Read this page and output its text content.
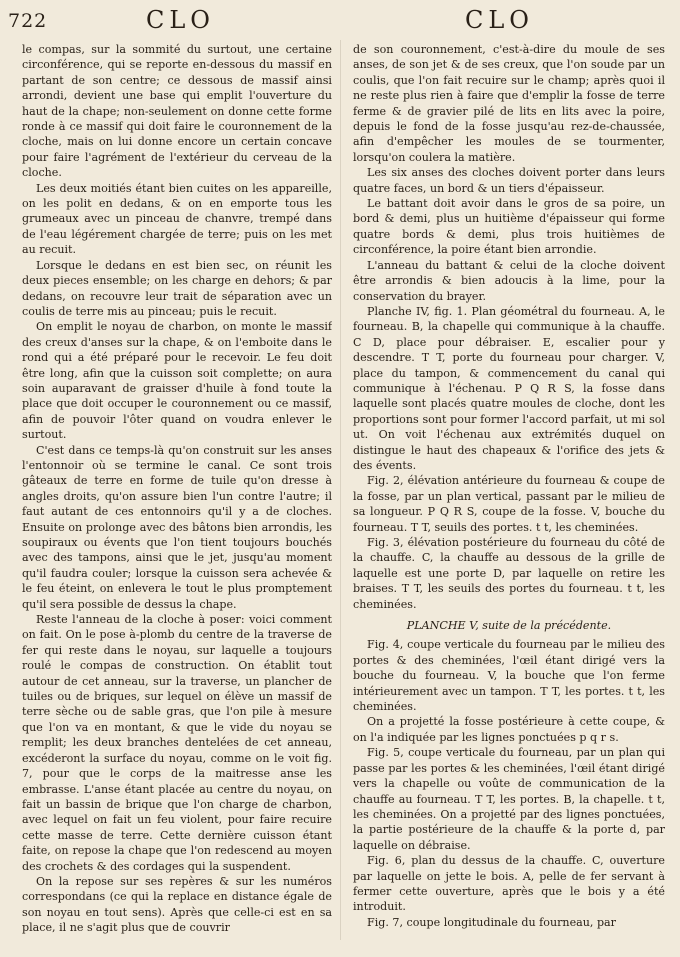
722	CLO	CLO

le compas, sur la sommité du surtout, une certaine circonférence, qui se reporte en-dessous du massif en partant de son centre; ce dessous de massif ainsi arrondi, devient une base qui emplit l'ouverture du haut de la chape; non-seulement on donne cette forme ronde à ce massif qui doit faire le couronnement de la cloche, mais on lui donne encore un certain concave pour faire l'agrément de l'extérieur du cerveau de la cloche.

Les deux moitiés étant bien cuites on les appareille, on les polit en dedans, & on en emporte tous les grumeaux avec un pinceau de chanvre, trempé dans de l'eau légérement chargée de terre; puis on les met au recuit.

Lorsque le dedans en est bien sec, on réunit les deux pieces ensemble; on les charge en dehors; & par dedans, on recouvre leur trait de séparation avec un coulis de terre mis au pinceau; puis le recuit.

On emplit le noyau de charbon, on monte le massif des creux d'anses sur la chape, & on l'emboite dans le rond qui a été préparé pour le recevoir. Le feu doit être long, afin que la cuisson soit complette; on aura soin auparavant de graisser d'huile à fond toute la place que doit occuper le couronnement ou ce massif, afin de pouvoir l'ôter quand on voudra enlever le surtout.

C'est dans ce temps-là qu'on construit sur les anses l'entonnoir où se termine le canal. Ce sont trois gâteaux de terre en forme de tuile qu'on dresse à angles droits, qu'on assure bien l'un contre l'autre; il faut autant de ces entonnoirs qu'il y a de cloches. Ensuite on prolonge avec des bâtons bien arrondis, les soupiraux ou évents que l'on tient toujours bouchés avec des tampons, ainsi que le jet, jusqu'au moment qu'il faudra couler; lorsque la cuisson sera achevée & le feu éteint, on enlevera le tout le plus promptement qu'il sera possible de dessus la chape.

Reste l'anneau de la cloche à poser: voici comment on fait. On le pose à-plomb du centre de la traverse de fer qui reste dans le noyau, sur laquelle a toujours roulé le compas de construction. On établit tout autour de cet anneau, sur la traverse, un plancher de tuiles ou de briques, sur lequel on élève un massif de terre sèche ou de sable gras, que l'on pile à mesure que l'on va en montant, & que le vide du noyau se remplit; les deux branches dentelées de cet anneau, excéderont la surface du noyau, comme on le voit fig. 7, pour que le corps de la maitresse anse les embrasse. L'anse étant placée au centre du noyau, on fait un bassin de brique que l'on charge de charbon, avec lequel on fait un feu violent, pour faire recuire cette masse de terre. Cette dernière cuisson étant faite, on repose la chape que l'on redescend au moyen des crochets & des cordages qui la suspendent.

On la repose sur ses repères & sur les numéros correspondans (ce qui la replace en distance égale de son noyau en tout sens). Après que celle-ci est en sa place, il ne s'agit plus que de couvrir

de son couronnement, c'est-à-dire du moule de ses anses, de son jet & de ses creux, que l'on soude par un coulis, que l'on fait recuire sur le champ; après quoi il ne reste plus rien à faire que d'emplir la fosse de terre ferme & de gravier pilé de lits en lits avec la poire, depuis le fond de la fosse jusqu'au rez-de-chaussée, afin d'empêcher les moules de se tourmenter, lorsqu'on coulera la matière.

Les six anses des cloches doivent porter dans leurs quatre faces, un bord & un tiers d'épaisseur.

Le battant doit avoir dans le gros de sa poire, un bord & demi, plus un huitième d'épaisseur qui forme quatre bords & demi, plus trois huitièmes de circonférence, la poire étant bien arrondie.

L'anneau du battant & celui de la cloche doivent être arrondis & bien adoucis à la lime, pour la conservation du brayer.

Planche IV, fig. 1. Plan géométral du fourneau. A, le fourneau. B, la chapelle qui communique à la chauffe. C D, place pour débraiser. E, escalier pour y descendre. T T, porte du fourneau pour charger. V, place du tampon, & commencement du canal qui communique à l'échenau. P Q R S, la fosse dans laquelle sont placés quatre moules de cloche, dont les proportions sont pour former l'accord parfait, ut mi sol ut. On voit l'échenau aux extrémités duquel on distingue le haut des chapeaux & l'orifice des jets & des évents.

Fig. 2, élévation antérieure du fourneau & coupe de la fosse, par un plan vertical, passant par le milieu de sa longueur. P Q R S, coupe de la fosse. V, bouche du fourneau. T T, seuils des portes. t t, les cheminées.

Fig. 3, élévation postérieure du fourneau du côté de la chauffe. C, la chauffe au dessous de la grille de laquelle est une porte D, par laquelle on retire les braises. T T, les seuils des portes du fourneau. t t, les cheminées.

PLANCHE V, suite de la précédente.

Fig. 4, coupe verticale du fourneau par le milieu des portes & des cheminées, l'œil étant dirigé vers la bouche du fourneau. V, la bouche que l'on ferme intérieurement avec un tampon. T T, les portes. t t, les cheminées.

On a projetté la fosse postérieure à cette coupe, & on l'a indiquée par les lignes ponctuées p q r s.

Fig. 5, coupe verticale du fourneau, par un plan qui passe par les portes & les cheminées, l'œil étant dirigé vers la chapelle ou voûte de communication de la chauffe au fourneau. T T, les portes. B, la chapelle. t t, les cheminées. On a projetté par des lignes ponctuées, la partie postérieure de la chauffe & la porte d, par laquelle on débraise.

Fig. 6, plan du dessus de la chauffe. C, ouverture par laquelle on jette le bois. A, pelle de fer servant à fermer cette ouverture, après que le bois y a été introduit.

Fig. 7, coupe longitudinale du fourneau, par
